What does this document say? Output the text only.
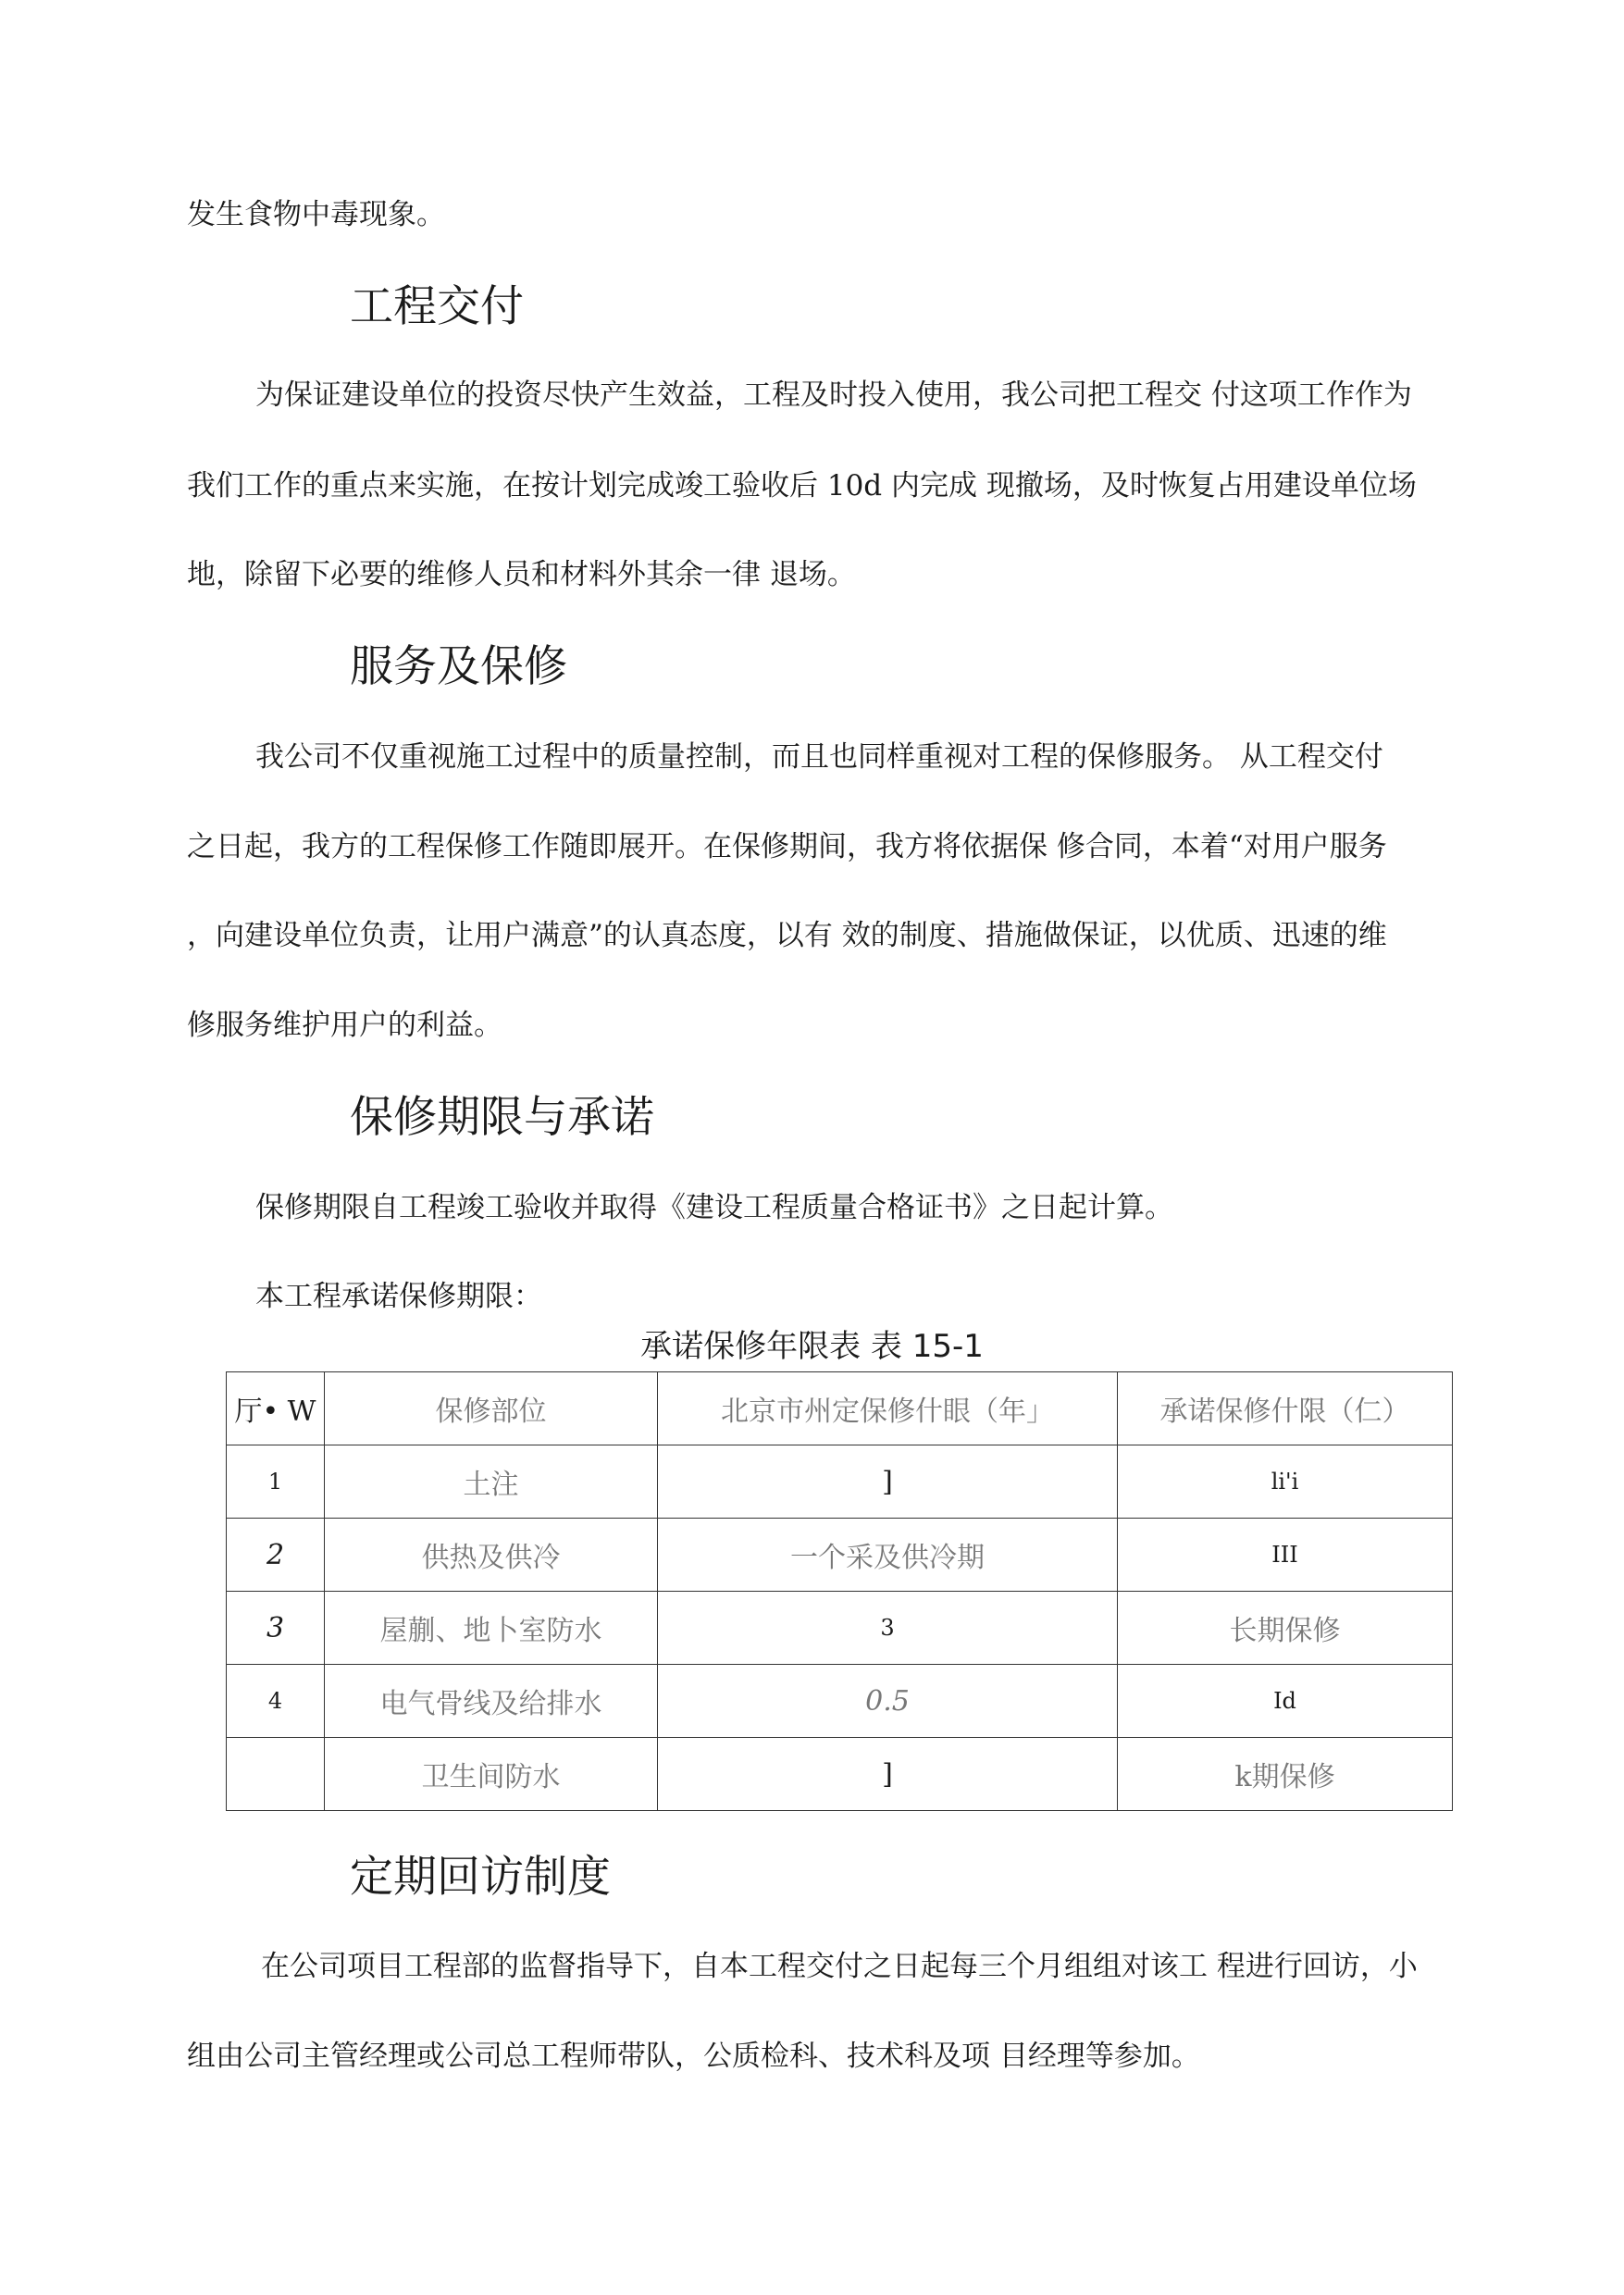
发生食物中毒现象。
工程交付
为保证建设单位的投资尽快产生效益，工程及时投入使用，我公司把工程交 付这项工作作为
我们工作的重点来实施，在按计划完成竣工验收后 10d 内完成 现撤场，及时恢复占用建设单位场
地，除留下必要的维修人员和材料外其余一律 退场。
服务及保修
我公司不仅重视施工过程中的质量控制，而且也同样重视对工程的保修服务。 从工程交付
之日起，我方的工程保修工作随即展开。在保修期间，我方将依据保 修合同，本着“对用户服务
，向建设单位负责，让用户满意”的认真态度，以有 效的制度、措施做保证，以优质、迅速的维
修服务维护用户的利益。
保修期限与承诺
保修期限自工程竣工验收并取得《建设工程质量合格证书》之日起计算。
本工程承诺保修期限：
承诺保修年限表 表 15-1
厅• W	保修部位	北京市州定保修什眼（年」	承诺保修什限（仁）
1	土注	]	li'i
2	供热及供冷	一个采及供冷期	III
3	屋蒯、地卜室防水	3	长期保修
4	电气骨线及给排水	0.5	Id
	卫生间防水	]	k期保修
定期回访制度
在公司项目工程部的监督指导下，自本工程交付之日起每三个月组组对该工 程进行回访，小
组由公司主管经理或公司总工程师带队，公质检科、技术科及项 目经理等参加。
